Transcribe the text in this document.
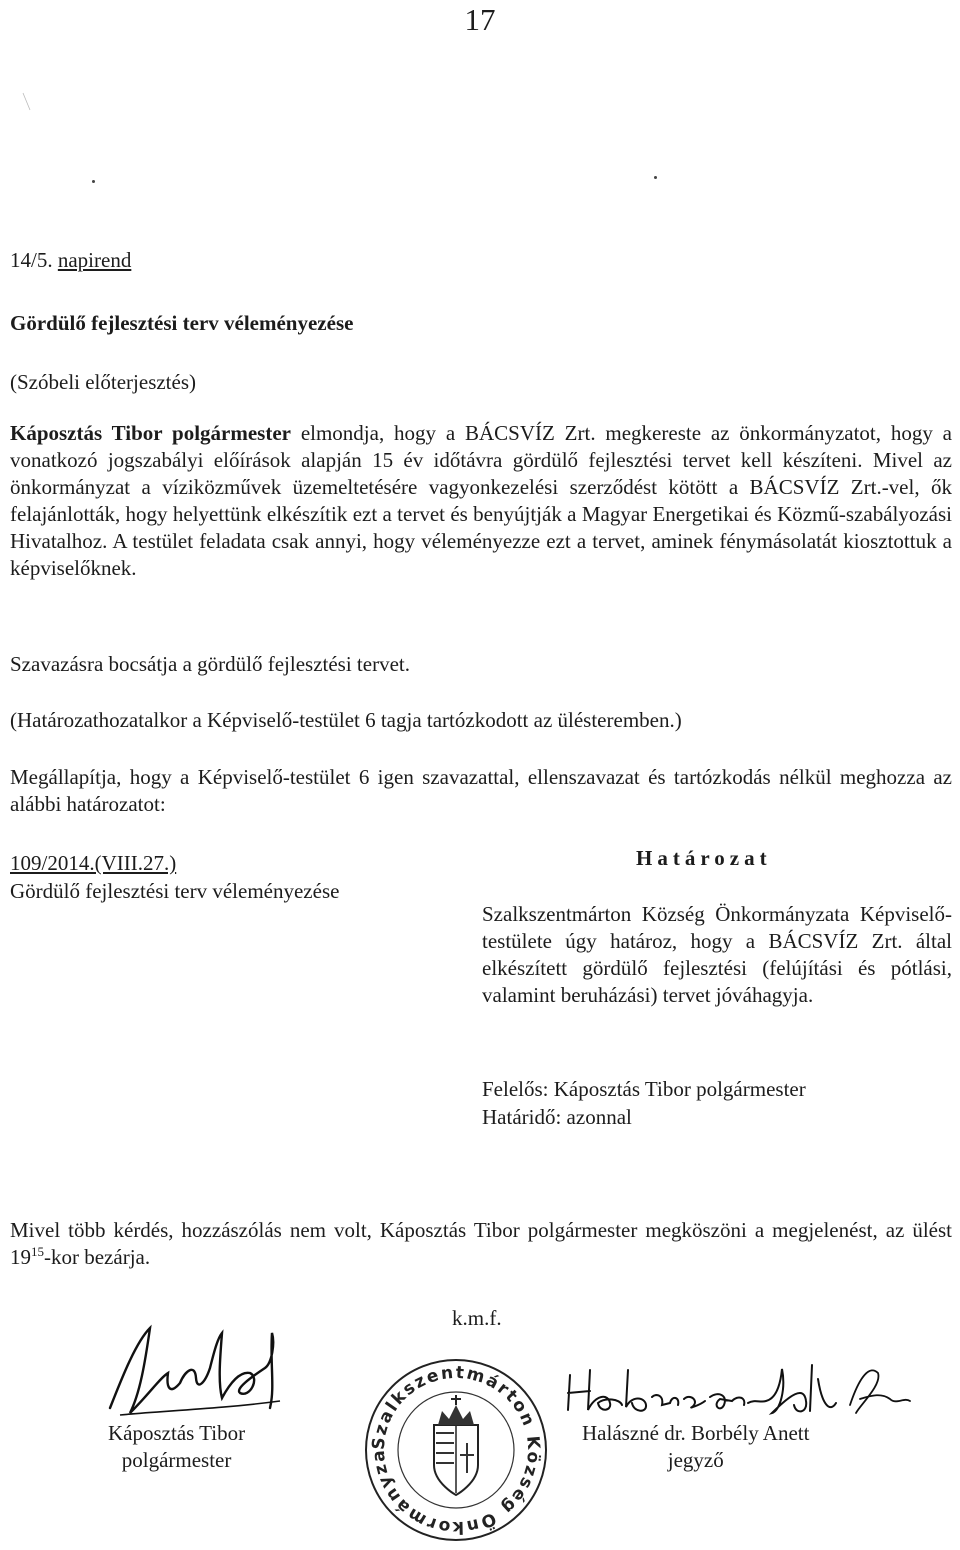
17
14/5. napirend
Gördülő fejlesztési terv véleményezése
(Szóbeli előterjesztés)
Káposztás Tibor polgármester elmondja, hogy a BÁCSVÍZ Zrt. megkereste az önkormányzatot, hogy a vonatkozó jogszabályi előírások alapján 15 év időtávra gördülő fejlesztési tervet kell készíteni. Mivel az önkormányzat a víziközművek üzemeltetésére vagyonkezelési szerződést kötött a BÁCSVÍZ Zrt.-vel, ők felajánlották, hogy helyettünk elkészítik ezt a tervet és benyújtják a Magyar Energetikai és Közmű-szabályozási Hivatalhoz. A testület feladata csak annyi, hogy véleményezze ezt a tervet, aminek fénymásolatát kiosztottuk a képviselőknek.
Szavazásra bocsátja a gördülő fejlesztési tervet.
(Határozathozatalkor a Képviselő-testület 6 tagja tartózkodott az ülésteremben.)
Megállapítja, hogy a Képviselő-testület 6 igen szavazattal, ellenszavazat és tartózkodás nélkül meghozza az alábbi határozatot:
109/2014.(VIII.27.)
Gördülő fejlesztési terv véleményezése
Határozat
Szalkszentmárton Község Önkormányzata Képviselő-testülete úgy határoz, hogy a BÁCSVÍZ Zrt. által elkészített gördülő fejlesztési (felújítási és pótlási, valamint beruházási) tervet jóváhagyja.
Felelős: Káposztás Tibor polgármester
Határidő: azonnal
Mivel több kérdés, hozzászólás nem volt, Káposztás Tibor polgármester megköszöni a megjelenést, az ülést $19^{15}$-kor bezárja.
k.m.f.
Káposztás Tibor
polgármester
Szalkszentmárton Község Önkormányza
Halászné dr. Borbély Anett
jegyző
